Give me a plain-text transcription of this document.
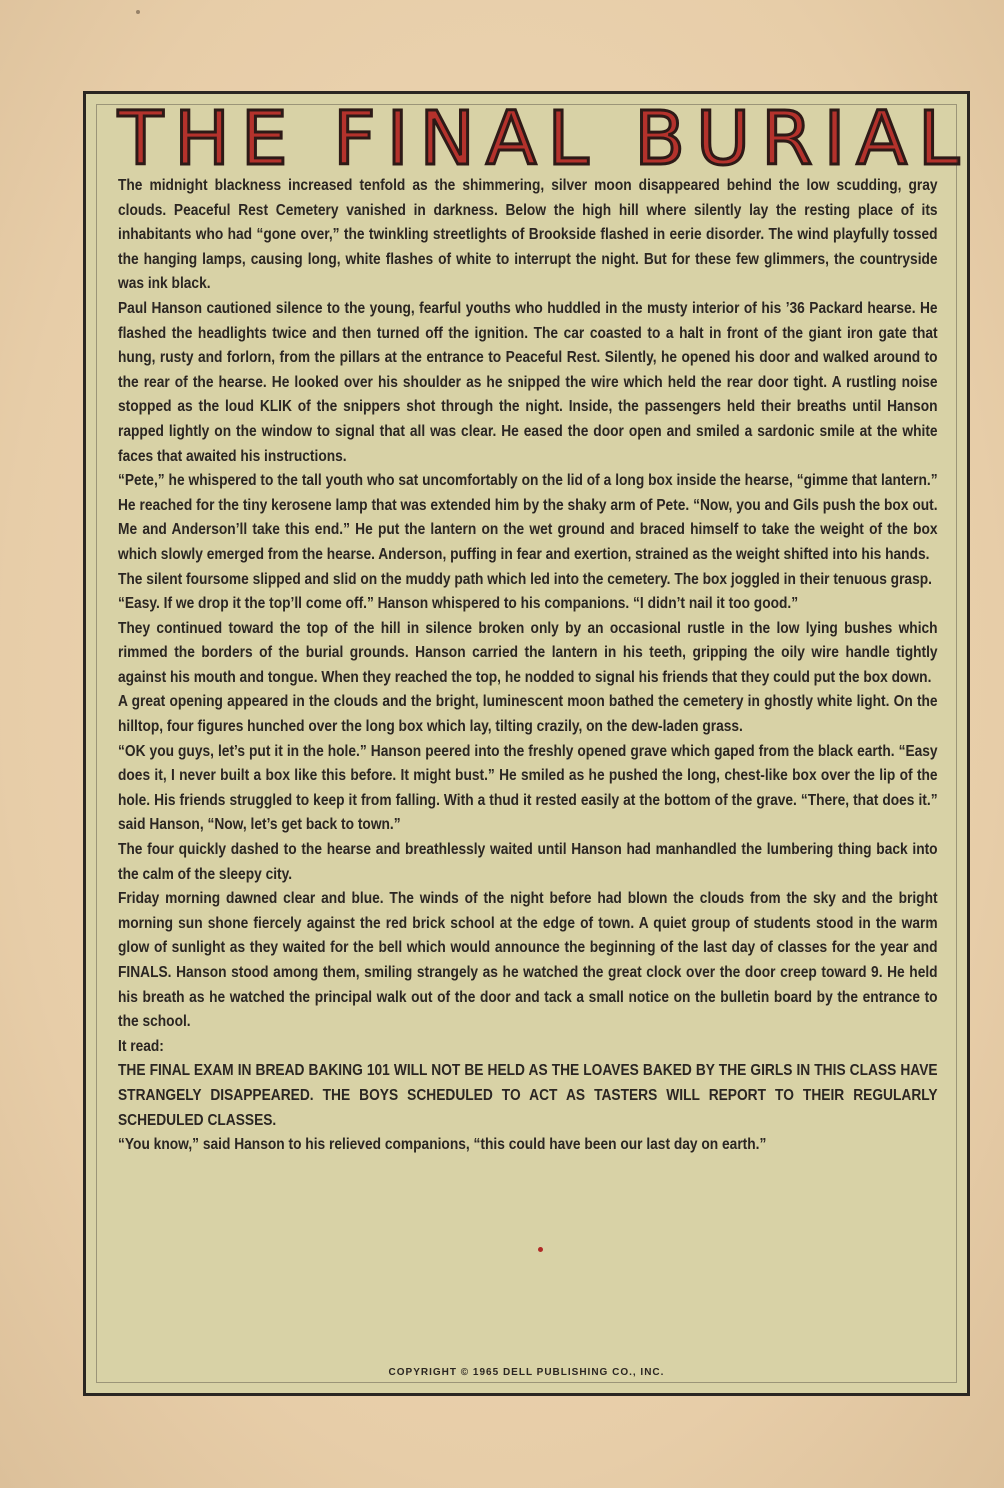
THE FINAL BURIAL

The midnight blackness increased tenfold as the shimmering, silver moon disappeared behind the low scudding, gray clouds. Peaceful Rest Cemetery vanished in darkness. Below the high hill where silently lay the resting place of its inhabitants who had “gone over,” the twinkling streetlights of Brookside flashed in eerie disorder. The wind playfully tossed the hanging lamps, causing long, white flashes of white to interrupt the night. But for these few glimmers, the countryside was ink black.

Paul Hanson cautioned silence to the young, fearful youths who huddled in the musty interior of his ’36 Packard hearse. He flashed the headlights twice and then turned off the ignition. The car coasted to a halt in front of the giant iron gate that hung, rusty and forlorn, from the pillars at the entrance to Peaceful Rest. Silently, he opened his door and walked around to the rear of the hearse. He looked over his shoulder as he snipped the wire which held the rear door tight. A rustling noise stopped as the loud KLIK of the snippers shot through the night. Inside, the passengers held their breaths until Hanson rapped lightly on the window to signal that all was clear. He eased the door open and smiled a sardonic smile at the white faces that awaited his instructions.

“Pete,” he whispered to the tall youth who sat uncomfortably on the lid of a long box inside the hearse, “gimme that lantern.” He reached for the tiny kerosene lamp that was extended him by the shaky arm of Pete. “Now, you and Gils push the box out. Me and Anderson’ll take this end.” He put the lantern on the wet ground and braced himself to take the weight of the box which slowly emerged from the hearse. Anderson, puffing in fear and exertion, strained as the weight shifted into his hands.

The silent foursome slipped and slid on the muddy path which led into the cemetery. The box joggled in their tenuous grasp.

“Easy. If we drop it the top’ll come off.” Hanson whispered to his companions. “I didn’t nail it too good.”

They continued toward the top of the hill in silence broken only by an occasional rustle in the low lying bushes which rimmed the borders of the burial grounds. Hanson carried the lantern in his teeth, gripping the oily wire handle tightly against his mouth and tongue. When they reached the top, he nodded to signal his friends that they could put the box down.

A great opening appeared in the clouds and the bright, luminescent moon bathed the cemetery in ghostly white light. On the hilltop, four figures hunched over the long box which lay, tilting crazily, on the dew-laden grass.

“OK you guys, let’s put it in the hole.” Hanson peered into the freshly opened grave which gaped from the black earth. “Easy does it, I never built a box like this before. It might bust.” He smiled as he pushed the long, chest-like box over the lip of the hole. His friends struggled to keep it from falling. With a thud it rested easily at the bottom of the grave. “There, that does it.” said Hanson, “Now, let’s get back to town.”

The four quickly dashed to the hearse and breathlessly waited until Hanson had manhandled the lumbering thing back into the calm of the sleepy city.

Friday morning dawned clear and blue. The winds of the night before had blown the clouds from the sky and the bright morning sun shone fiercely against the red brick school at the edge of town. A quiet group of students stood in the warm glow of sunlight as they waited for the bell which would announce the beginning of the last day of classes for the year and FINALS. Hanson stood among them, smiling strangely as he watched the great clock over the door creep toward 9. He held his breath as he watched the principal walk out of the door and tack a small notice on the bulletin board by the entrance to the school.

It read:

THE FINAL EXAM IN BREAD BAKING 101 WILL NOT BE HELD AS THE LOAVES BAKED BY THE GIRLS IN THIS CLASS HAVE STRANGELY DISAPPEARED. THE BOYS SCHEDULED TO ACT AS TASTERS WILL REPORT TO THEIR REGULARLY SCHEDULED CLASSES.

“You know,” said Hanson to his relieved companions, “this could have been our last day on earth.”

COPYRIGHT © 1965 DELL PUBLISHING CO., INC.
